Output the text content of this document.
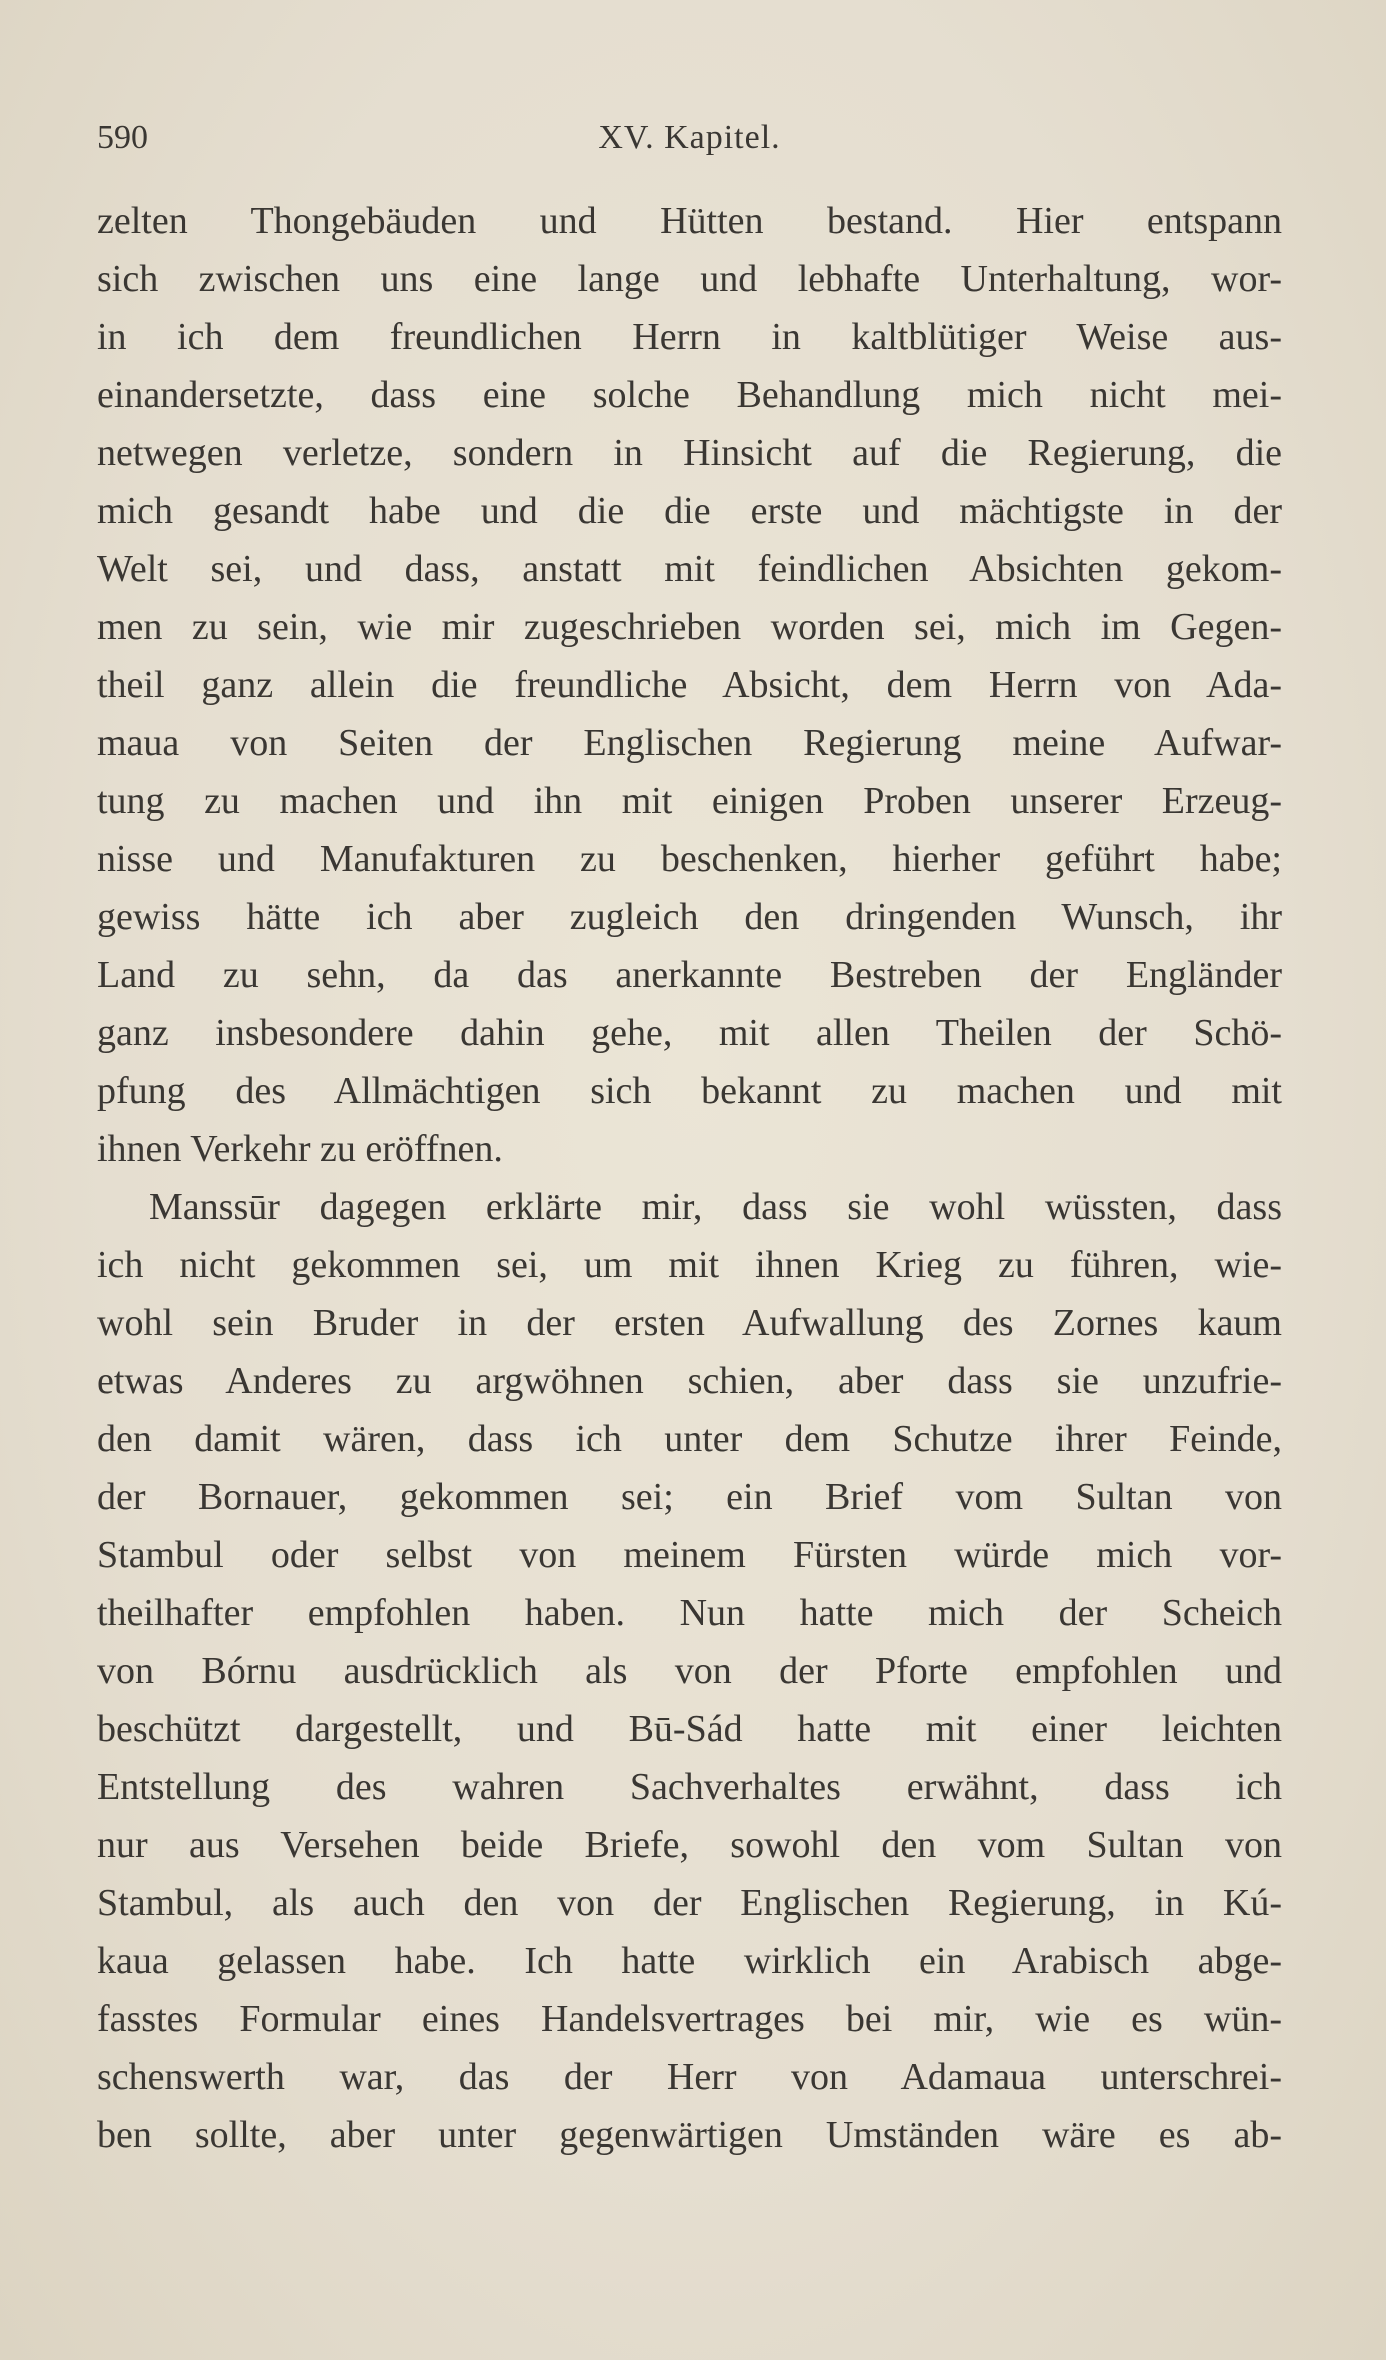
590	XV. Kapitel.
zelten Thongebäuden und Hütten bestand. Hier entspann
sich zwischen uns eine lange und lebhafte Unterhaltung, wor-
in ich dem freundlichen Herrn in kaltblütiger Weise aus-
einandersetzte, dass eine solche Behandlung mich nicht mei-
netwegen verletze, sondern in Hinsicht auf die Regierung, die
mich gesandt habe und die die erste und mächtigste in der
Welt sei, und dass, anstatt mit feindlichen Absichten gekom-
men zu sein, wie mir zugeschrieben worden sei, mich im Gegen-
theil ganz allein die freundliche Absicht, dem Herrn von Ada-
maua von Seiten der Englischen Regierung meine Aufwar-
tung zu machen und ihn mit einigen Proben unserer Erzeug-
nisse und Manufakturen zu beschenken, hierher geführt habe;
gewiss hätte ich aber zugleich den dringenden Wunsch, ihr
Land zu sehn, da das anerkannte Bestreben der Engländer
ganz insbesondere dahin gehe, mit allen Theilen der Schö-
pfung des Allmächtigen sich bekannt zu machen und mit
ihnen Verkehr zu eröffnen.
Manssūr dagegen erklärte mir, dass sie wohl wüssten, dass
ich nicht gekommen sei, um mit ihnen Krieg zu führen, wie-
wohl sein Bruder in der ersten Aufwallung des Zornes kaum
etwas Anderes zu argwöhnen schien, aber dass sie unzufrie-
den damit wären, dass ich unter dem Schutze ihrer Feinde,
der Bornauer, gekommen sei; ein Brief vom Sultan von
Stambul oder selbst von meinem Fürsten würde mich vor-
theilhafter empfohlen haben. Nun hatte mich der Scheich
von Bórnu ausdrücklich als von der Pforte empfohlen und
beschützt dargestellt, und Bū-Sád hatte mit einer leichten
Entstellung des wahren Sachverhaltes erwähnt, dass ich
nur aus Versehen beide Briefe, sowohl den vom Sultan von
Stambul, als auch den von der Englischen Regierung, in Kú-
kaua gelassen habe. Ich hatte wirklich ein Arabisch abge-
fasstes Formular eines Handelsvertrages bei mir, wie es wün-
schenswerth war, das der Herr von Adamaua unterschrei-
ben sollte, aber unter gegenwärtigen Umständen wäre es ab-
